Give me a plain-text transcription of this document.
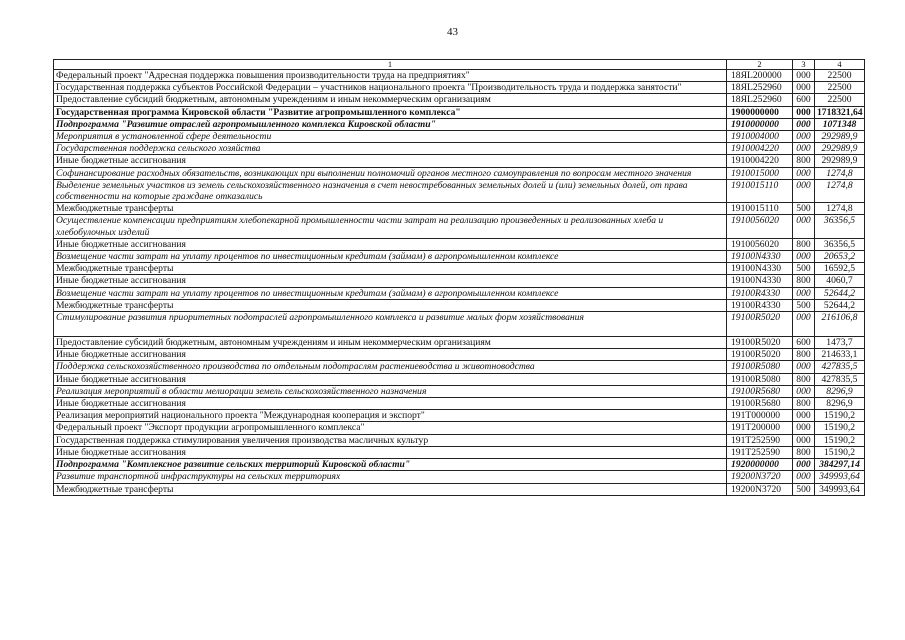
43
1	2	3	4
Федеральный проект "Адресная поддержка повышения производительности труда на предприятиях"	18ЯL200000	000	22500
Государственная поддержка субъектов Российской Федерации – участников национального проекта "Производительность труда и поддержка занятости"	18ЯL252960	000	22500
Предоставление субсидий бюджетным, автономным учреждениям и иным некоммерческим организациям	18ЯL252960	600	22500
Государственная программа Кировской области "Развитие агропромышленного комплекса"	1900000000	000	1718321,64
Подпрограмма "Развитие отраслей агропромышленного комплекса Кировской области"	1910000000	000	1071348
Мероприятия в установленной сфере деятельности	1910004000	000	292989,9
Государственная поддержка сельского хозяйства	1910004220	000	292989,9
Иные бюджетные ассигнования	1910004220	800	292989,9
Софинансирование расходных обязательств, возникающих при выполнении полномочий органов местного самоуправления по вопросам местного значения	1910015000	000	1274,8
Выделение земельных участков из земель сельскохозяйственного назначения в счет невостребованных земельных долей и (или) земельных долей, от права собственности на которые граждане отказались	1910015110	000	1274,8
Межбюджетные трансферты	1910015110	500	1274,8
Осуществление компенсации предприятиям хлебопекарной промышленности части затрат на реализацию произведенных и реализованных хлеба и хлебобулочных изделий	1910056020	000	36356,5
Иные бюджетные ассигнования	1910056020	800	36356,5
Возмещение части затрат на уплату процентов по инвестиционным кредитам (займам) в агропромышленном комплексе	19100N4330	000	20653,2
Межбюджетные трансферты	19100N4330	500	16592,5
Иные бюджетные ассигнования	19100N4330	800	4060,7
Возмещение части затрат на уплату процентов по инвестиционным кредитам (займам) в агропромышленном комплексе	19100R4330	000	52644,2
Межбюджетные трансферты	19100R4330	500	52644,2
Стимулирование развития приоритетных подотраслей агропромышленного комплекса и развитие малых форм хозяйствования	19100R5020	000	216106,8
Предоставление субсидий бюджетным, автономным учреждениям и иным некоммерческим организациям	19100R5020	600	1473,7
Иные бюджетные ассигнования	19100R5020	800	214633,1
Поддержка сельскохозяйственного производства по отдельным подотраслям растениеводства и животноводства	19100R5080	000	427835,5
Иные бюджетные ассигнования	19100R5080	800	427835,5
Реализация мероприятий в области мелиорации земель сельскохозяйственного назначения	19100R5680	000	8296,9
Иные бюджетные ассигнования	19100R5680	800	8296,9
Реализация мероприятий национального проекта "Международная кооперация и экспорт"	191T000000	000	15190,2
Федеральный проект "Экспорт продукции агропромышленного комплекса"	191T200000	000	15190,2
Государственная поддержка стимулирования увеличения производства масличных культур	191T252590	000	15190,2
Иные бюджетные ассигнования	191T252590	800	15190,2
Подпрограмма "Комплексное развитие сельских территорий Кировской области"	1920000000	000	384297,14
Развитие транспортной инфраструктуры на сельских территориях	19200N3720	000	349993,64
Межбюджетные трансферты	19200N3720	500	349993,64
